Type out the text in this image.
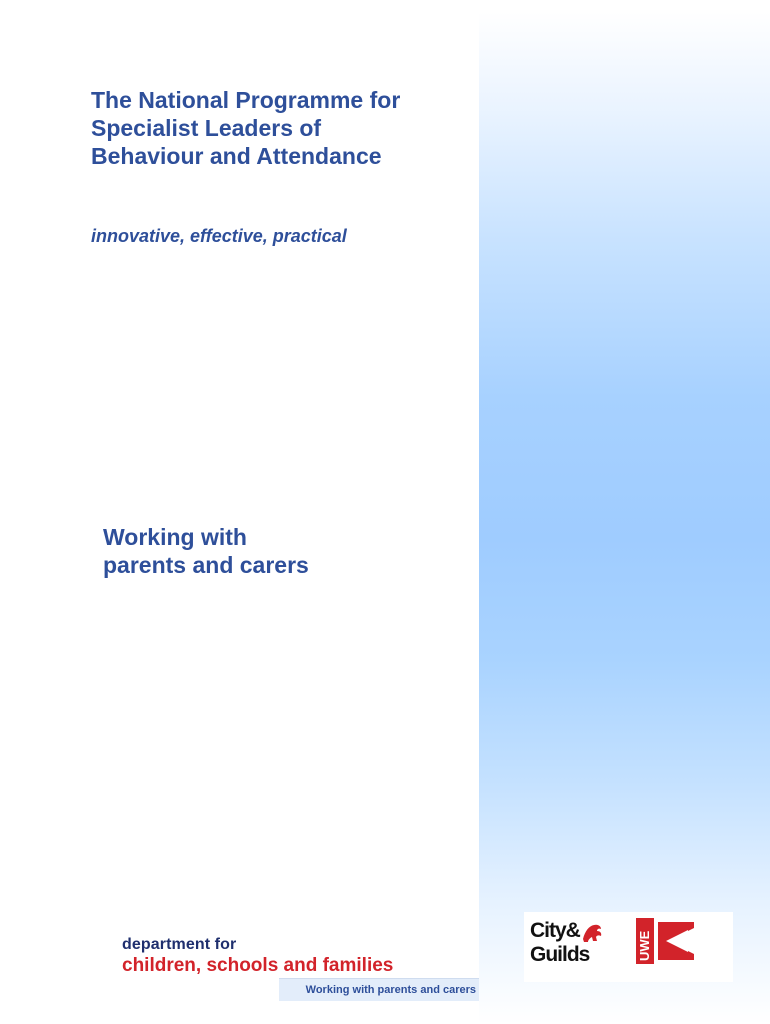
The National Programme for
Specialist Leaders of
Behaviour and Attendance

innovative, effective, practical

Working with
parents and carers
department for
children, schools and families
Working with parents and carers
City&
Guilds	UWE
